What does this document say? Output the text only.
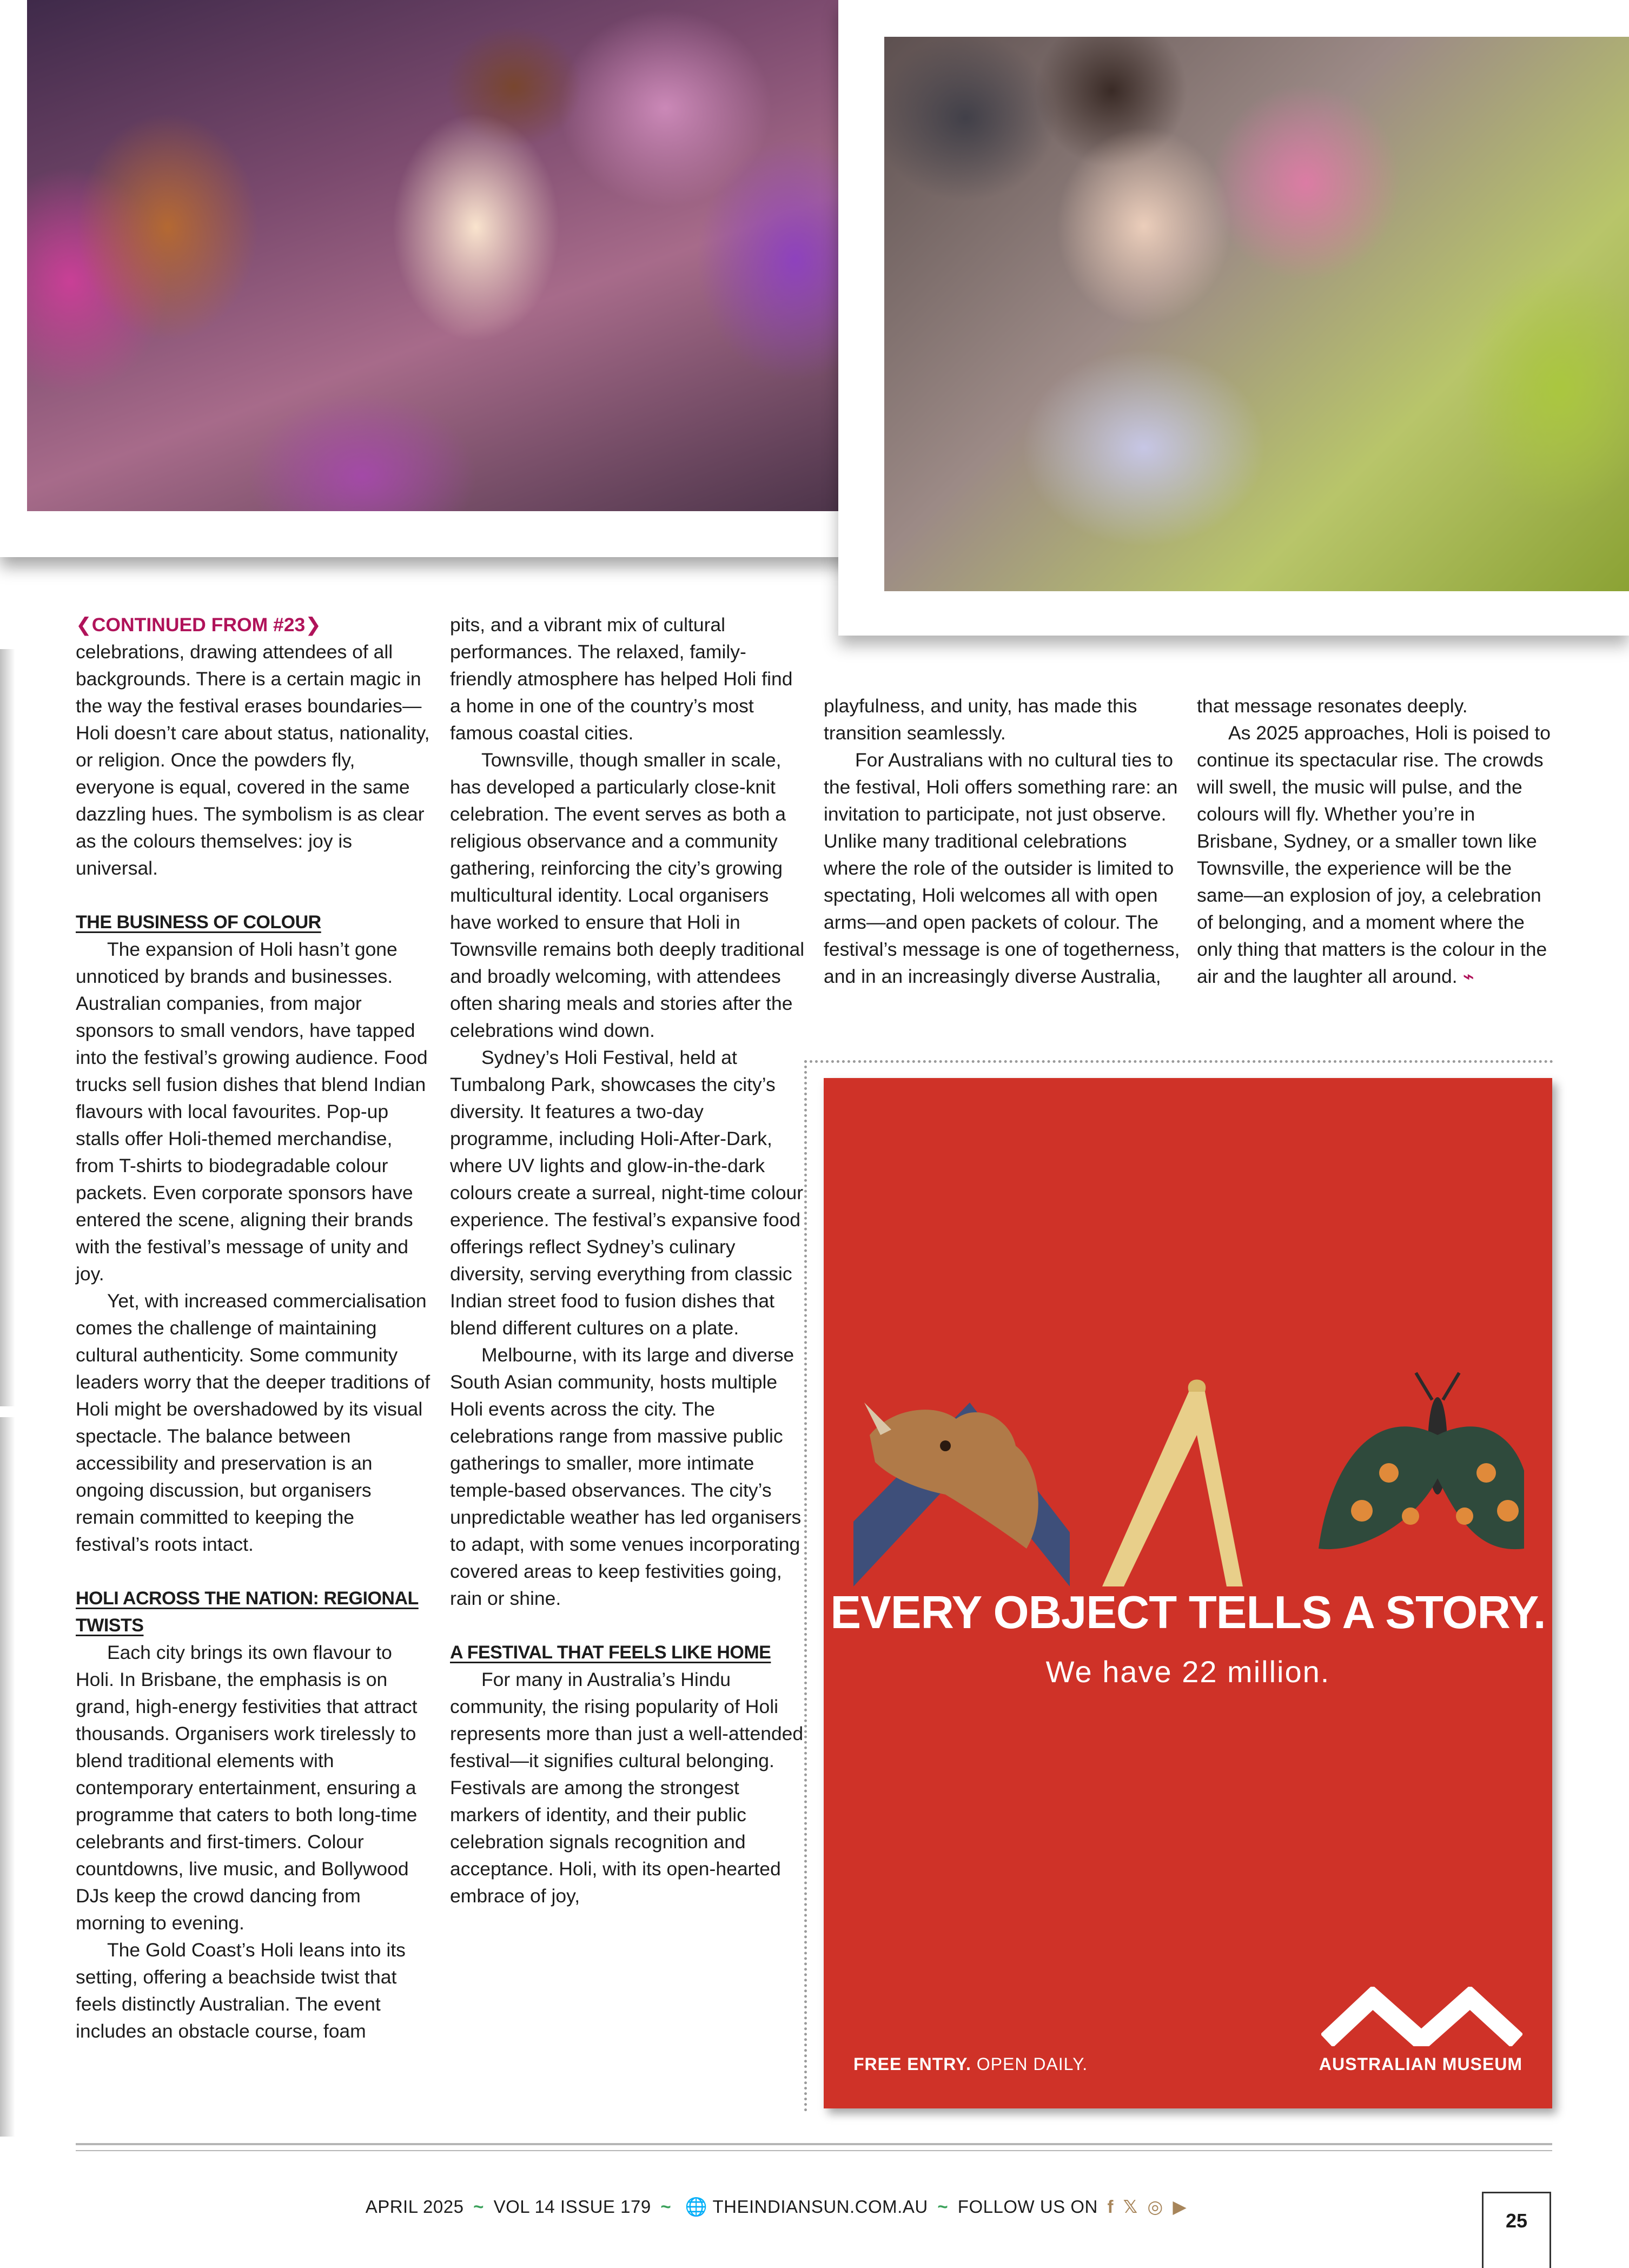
❮CONTINUED FROM #23❯

celebrations, drawing attendees of all backgrounds. There is a certain magic in the way the festival erases boundaries—Holi doesn’t care about status, nationality, or religion. Once the powders fly, everyone is equal, covered in the same dazzling hues. The symbolism is as clear as the colours themselves: joy is universal.

THE BUSINESS OF COLOUR

The expansion of Holi hasn’t gone unnoticed by brands and businesses. Australian companies, from major sponsors to small vendors, have tapped into the festival’s growing audience. Food trucks sell fusion dishes that blend Indian flavours with local favourites. Pop-up stalls offer Holi-themed merchandise, from T-shirts to biodegradable colour packets. Even corporate sponsors have entered the scene, aligning their brands with the festival’s message of unity and joy.

Yet, with increased commercialisation comes the challenge of maintaining cultural authenticity. Some community leaders worry that the deeper traditions of Holi might be overshadowed by its visual spectacle. The balance between accessibility and preservation is an ongoing discussion, but organisers remain committed to keeping the festival’s roots intact.

HOLI ACROSS THE NATION: REGIONAL TWISTS

Each city brings its own flavour to Holi. In Brisbane, the emphasis is on grand, high-energy festivities that attract thousands. Organisers work tirelessly to blend traditional elements with contemporary entertainment, ensuring a programme that caters to both long-time celebrants and first-timers. Colour countdowns, live music, and Bollywood DJs keep the crowd dancing from morning to evening.

The Gold Coast’s Holi leans into its setting, offering a beachside twist that feels distinctly Australian. The event includes an obstacle course, foam

pits, and a vibrant mix of cultural performances. The relaxed, family-friendly atmosphere has helped Holi find a home in one of the country’s most famous coastal cities.

Townsville, though smaller in scale, has developed a particularly close-knit celebration. The event serves as both a religious observance and a community gathering, reinforcing the city’s growing multicultural identity. Local organisers have worked to ensure that Holi in Townsville remains both deeply traditional and broadly welcoming, with attendees often sharing meals and stories after the celebrations wind down.

Sydney’s Holi Festival, held at Tumbalong Park, showcases the city’s diversity. It features a two-day programme, including Holi-After-Dark, where UV lights and glow-in-the-dark colours create a surreal, night-time colour experience. The festival’s expansive food offerings reflect Sydney’s culinary diversity, serving everything from classic Indian street food to fusion dishes that blend different cultures on a plate.

Melbourne, with its large and diverse South Asian community, hosts multiple Holi events across the city. The celebrations range from massive public gatherings to smaller, more intimate temple-based observances. The city’s unpredictable weather has led organisers to adapt, with some venues incorporating covered areas to keep festivities going, rain or shine.

A FESTIVAL THAT FEELS LIKE HOME

For many in Australia’s Hindu community, the rising popularity of Holi represents more than just a well-attended festival—it signifies cultural belonging. Festivals are among the strongest markers of identity, and their public celebration signals recognition and acceptance. Holi, with its open-hearted embrace of joy,

playfulness, and unity, has made this transition seamlessly.

For Australians with no cultural ties to the festival, Holi offers something rare: an invitation to participate, not just observe. Unlike many traditional celebrations where the role of the outsider is limited to spectating, Holi welcomes all with open arms—and open packets of colour. The festival’s message is one of togetherness, and in an increasingly diverse Australia,

that message resonates deeply.

As 2025 approaches, Holi is poised to continue its spectacular rise. The crowds will swell, the music will pulse, and the colours will fly. Whether you’re in Brisbane, Sydney, or a smaller town like Townsville, the experience will be the same—an explosion of joy, a celebration of belonging, and a moment where the only thing that matters is the colour in the air and the laughter all around. ⌁

EVERY OBJECT TELLS A STORY.
We have 22 million.
FREE ENTRY. OPEN DAILY.	AUSTRALIAN MUSEUM
APRIL 2025 ~ VOL 14 ISSUE 179 ~ 🌐 THEINDIANSUN.COM.AU ~ FOLLOW US ON f 𝕏 ◎ ▶
25
